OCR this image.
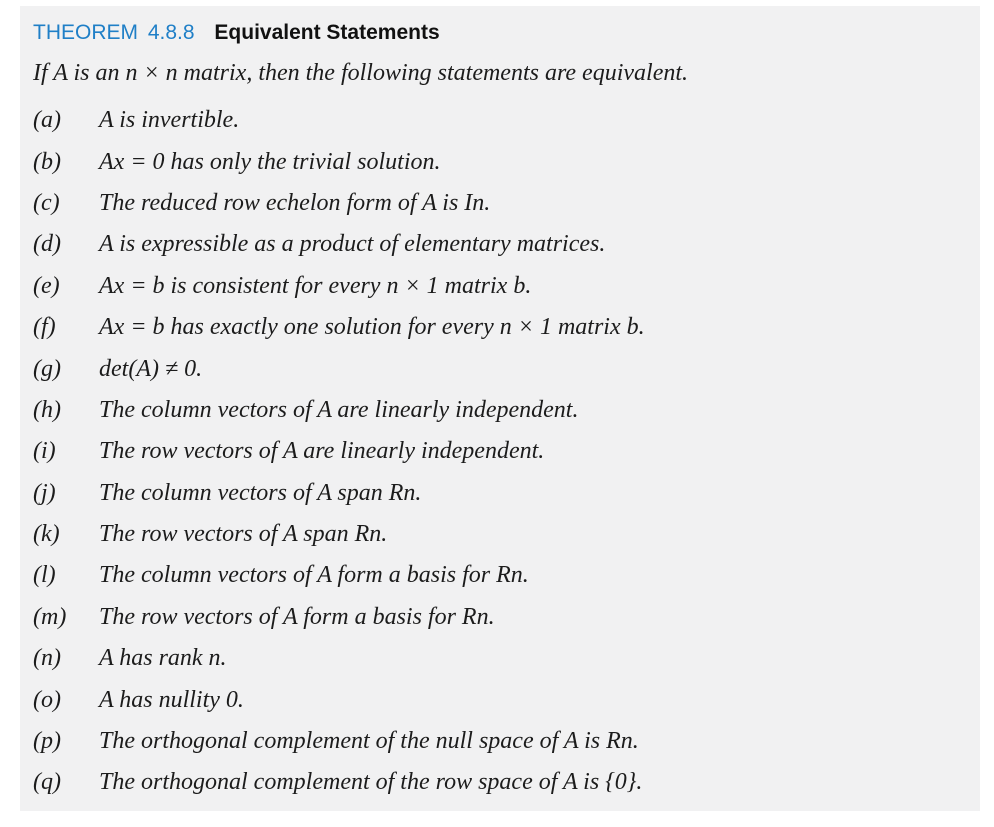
THEOREM 4.8.8 Equivalent Statements
If A is an n × n matrix, then the following statements are equivalent.
(a)	A is invertible.
(b)	Ax = 0 has only the trivial solution.
(c)	The reduced row echelon form of A is In.
(d)	A is expressible as a product of elementary matrices.
(e)	Ax = b is consistent for every n × 1 matrix b.
(f)	Ax = b has exactly one solution for every n × 1 matrix b.
(g)	det(A) ≠ 0.
(h)	The column vectors of A are linearly independent.
(i)	The row vectors of A are linearly independent.
(j)	The column vectors of A span Rn.
(k)	The row vectors of A span Rn.
(l)	The column vectors of A form a basis for Rn.
(m)	The row vectors of A form a basis for Rn.
(n)	A has rank n.
(o)	A has nullity 0.
(p)	The orthogonal complement of the null space of A is Rn.
(q)	The orthogonal complement of the row space of A is {0}.
